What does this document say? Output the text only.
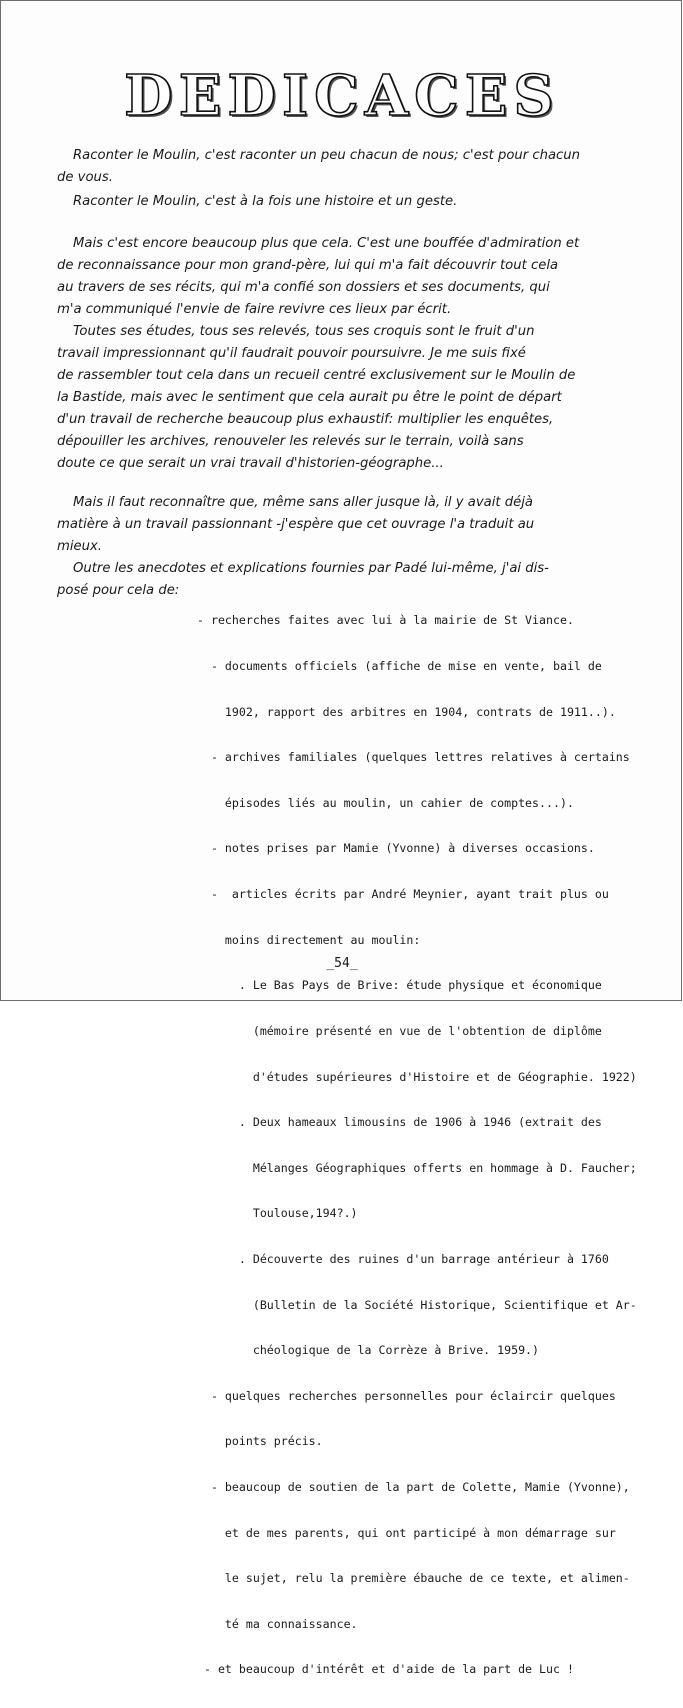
DEDICACES

Raconter le Moulin, c'est raconter un peu chacun de nous; c'est pour chacun

de vous.

Raconter le Moulin, c'est à la fois une histoire et un geste.

Mais c'est encore beaucoup plus que cela. C'est une bouffée d'admiration et

de reconnaissance pour mon grand-père, lui qui m'a fait découvrir tout cela

au travers de ses récits, qui m'a confié son dossiers et ses documents, qui

m'a communiqué l'envie de faire revivre ces lieux par écrit.

Toutes ses études, tous ses relevés, tous ses croquis sont le fruit d'un

travail impressionnant qu'il faudrait pouvoir poursuivre. Je me suis fixé

de rassembler tout cela dans un recueil centré exclusivement sur le Moulin de

la Bastide, mais avec le sentiment que cela aurait pu être le point de départ

d'un travail de recherche beaucoup plus exhaustif: multiplier les enquêtes,

dépouiller les archives, renouveler les relevés sur le terrain, voilà sans

doute ce que serait un vrai travail d'historien-géographe...

Mais il faut reconnaître que, même sans aller jusque là, il y avait déjà

matière à un travail passionnant -j'espère que cet ouvrage l'a traduit au

mieux.

Outre les anecdotes et explications fournies par Padé lui-même, j'ai dis-

posé pour cela de:

- recherches faites avec lui à la mairie de St Viance.

- documents officiels (affiche de mise en vente, bail de

1902, rapport des arbitres en 1904, contrats de 1911..).

- archives familiales (quelques lettres relatives à certains

épisodes liés au moulin, un cahier de comptes...).

- notes prises par Mamie (Yvonne) à diverses occasions.

-  articles écrits par André Meynier, ayant trait plus ou

moins directement au moulin:

. Le Bas Pays de Brive: étude physique et économique

(mémoire présenté en vue de l'obtention de diplôme

d'études supérieures d'Histoire et de Géographie. 1922)

. Deux hameaux limousins de 1906 à 1946 (extrait des

Mélanges Géographiques offerts en hommage à D. Faucher;

Toulouse,194?.)

. Découverte des ruines d'un barrage antérieur à 1760

(Bulletin de la Société Historique, Scientifique et Ar-

chéologique de la Corrèze à Brive. 1959.)

- quelques recherches personnelles pour éclaircir quelques

points précis.

- beaucoup de soutien de la part de Colette, Mamie (Yvonne),

et de mes parents, qui ont participé à mon démarrage sur

le sujet, relu la première ébauche de ce texte, et alimen-

té ma connaissance.

- et beaucoup d'intérêt et d'aide de la part de Luc !

_54_
